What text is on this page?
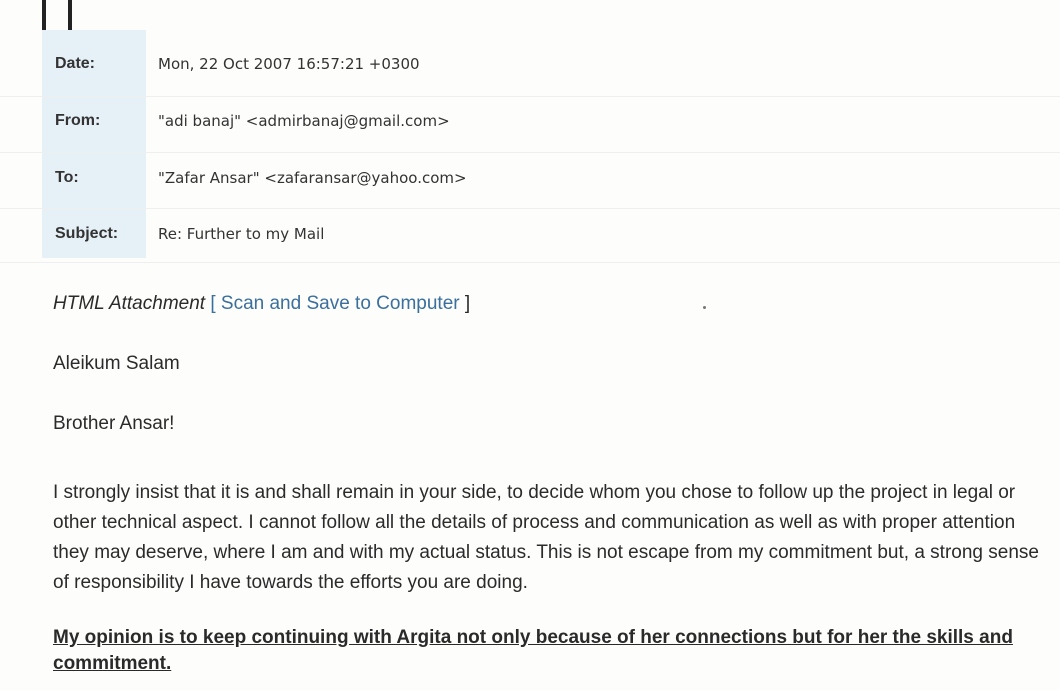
Date:	Mon, 22 Oct 2007 16:57:21 +0300
From:	"adi banaj" <admirbanaj@gmail.com>
To:	"Zafar Ansar" <zafaransar@yahoo.com>
Subject:	Re: Further to my Mail
HTML Attachment [ Scan and Save to Computer ]
Aleikum Salam
Brother Ansar!
I strongly insist that it is and shall remain in your side, to decide whom you chose to follow up the project in legal or other technical aspect. I cannot follow all the details of process and communication as well as with proper attention they may deserve, where I am and with my actual status. This is not escape from my commitment but, a strong sense of responsibility I have towards the efforts you are doing.
My opinion is to keep continuing with Argita not only because of her connections but for her the skills and commitment.
